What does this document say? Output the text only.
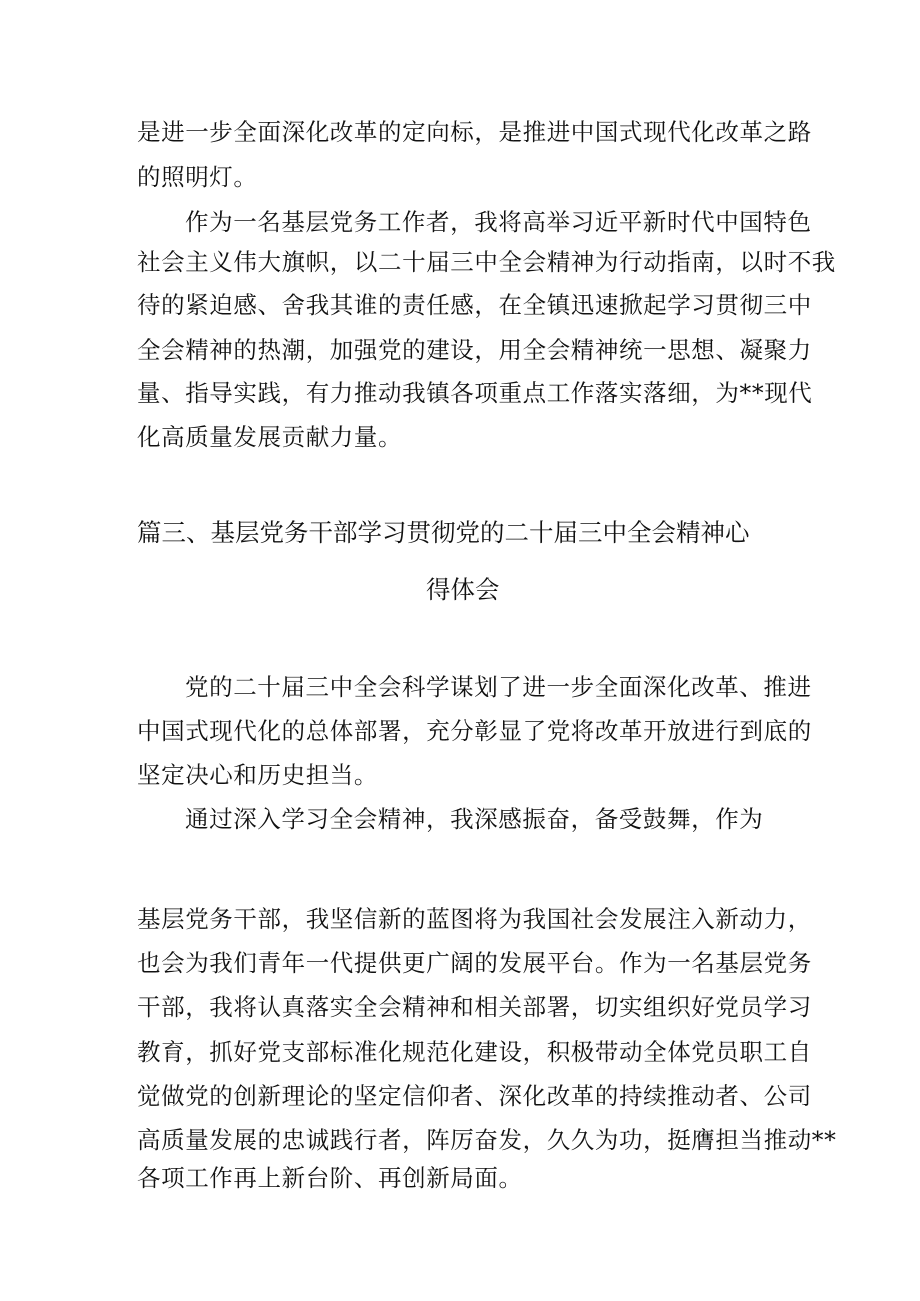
是进一步全面深化改革的定向标，是推进中国式现代化改革之路
的照明灯。
作为一名基层党务工作者，我将高举习近平新时代中国特色
社会主义伟大旗帜，以二十届三中全会精神为行动指南，以时不我
待的紧迫感、舍我其谁的责任感，在全镇迅速掀起学习贯彻三中
全会精神的热潮，加强党的建设，用全会精神统一思想、凝聚力
量、指导实践，有力推动我镇各项重点工作落实落细，为**现代
化高质量发展贡献力量。
篇三、基层党务干部学习贯彻党的二十届三中全会精神心
得体会
党的二十届三中全会科学谋划了进一步全面深化改革、推进
中国式现代化的总体部署，充分彰显了党将改革开放进行到底的
坚定决心和历史担当。
通过深入学习全会精神，我深感振奋，备受鼓舞，作为
基层党务干部，我坚信新的蓝图将为我国社会发展注入新动力，
也会为我们青年一代提供更广阔的发展平台。作为一名基层党务
干部，我将认真落实全会精神和相关部署，切实组织好党员学习
教育，抓好党支部标准化规范化建设，积极带动全体党员职工自
觉做党的创新理论的坚定信仰者、深化改革的持续推动者、公司
高质量发展的忠诚践行者，阵厉奋发，久久为功，挺膺担当推动**
各项工作再上新台阶、再创新局面。
